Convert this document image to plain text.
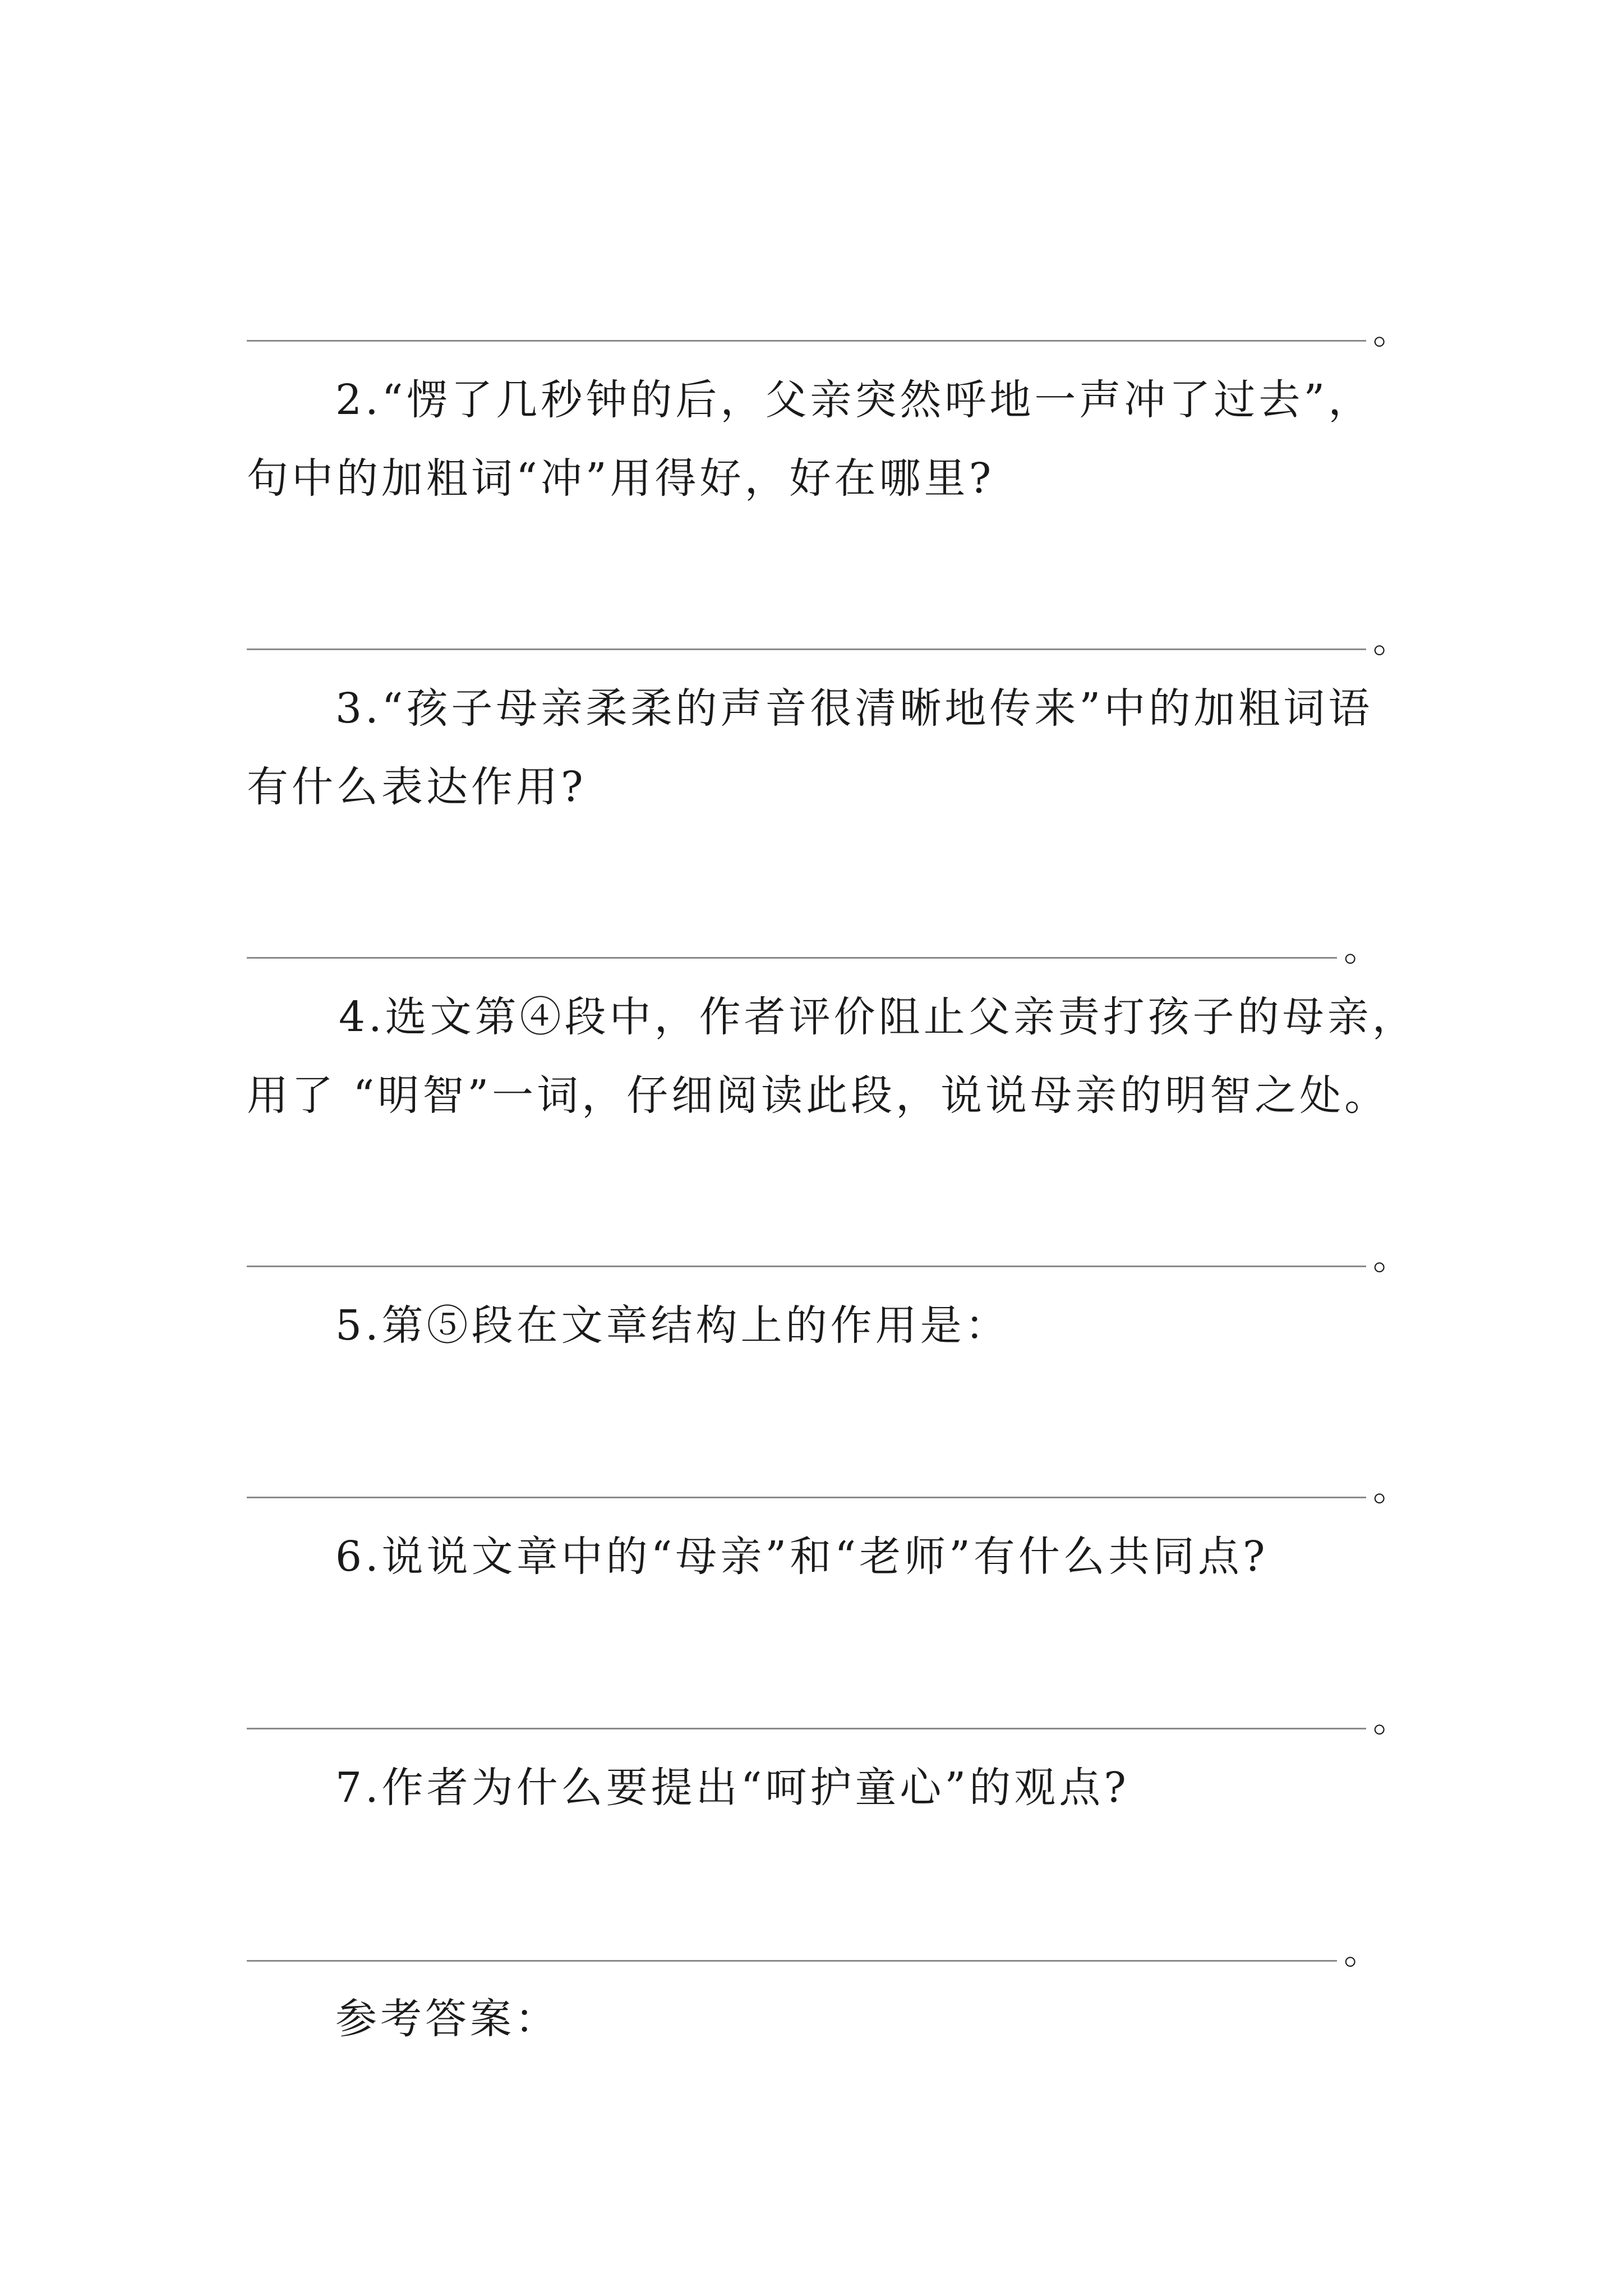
。
2.“愣了几秒钟的后，父亲突然呼地一声冲了过去”，
句中的加粗词“冲”用得好，好在哪里?
。
3.“孩子母亲柔柔的声音很清晰地传来”中的加粗词语
有什么表达作用?
。
4.选文第④段中，作者评价阻止父亲责打孩子的母亲，
用了 “明智”一词，仔细阅读此段，说说母亲的明智之处。
。
5.第⑤段在文章结构上的作用是：
。
6.说说文章中的“母亲”和“老师”有什么共同点?
。
7.作者为什么要提出“呵护童心”的观点?
。
参考答案：
